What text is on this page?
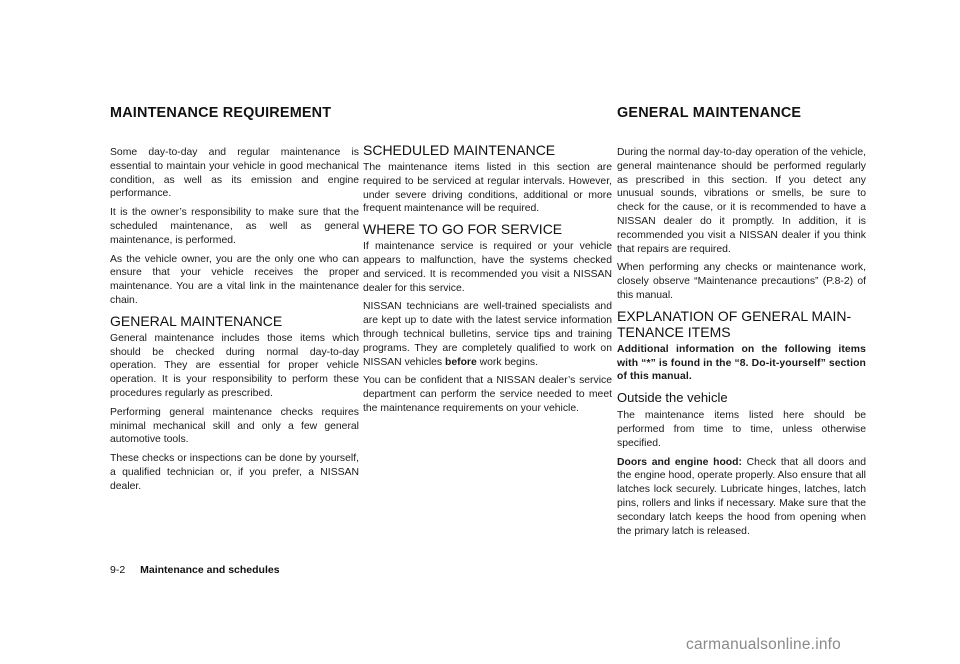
MAINTENANCE REQUIREMENT

Some day-to-day and regular maintenance is essential to maintain your vehicle in good mechanical condition, as well as its emission and engine performance.

It is the owner’s responsibility to make sure that the scheduled maintenance, as well as general maintenance, is performed.

As the vehicle owner, you are the only one who can ensure that your vehicle receives the proper maintenance. You are a vital link in the maintenance chain.

GENERAL MAINTENANCE

General maintenance includes those items which should be checked during normal day-to-day operation. They are essential for proper vehicle operation. It is your responsibility to perform these procedures regularly as prescribed.

Performing general maintenance checks requires minimal mechanical skill and only a few general automotive tools.

These checks or inspections can be done by yourself, a qualified technician or, if you prefer, a NISSAN dealer.

SCHEDULED MAINTENANCE

The maintenance items listed in this section are required to be serviced at regular intervals. However, under severe driving conditions, additional or more frequent maintenance will be required.

WHERE TO GO FOR SERVICE

If maintenance service is required or your vehicle appears to malfunction, have the systems checked and serviced. It is recommended you visit a NISSAN dealer for this service.

NISSAN technicians are well-trained specialists and are kept up to date with the latest service information through technical bulletins, service tips and training programs. They are completely qualified to work on NISSAN vehicles before work begins.

You can be confident that a NISSAN dealer’s service department can perform the service needed to meet the maintenance requirements on your vehicle.

GENERAL MAINTENANCE

During the normal day-to-day operation of the vehicle, general maintenance should be performed regularly as prescribed in this section. If you detect any unusual sounds, vibrations or smells, be sure to check for the cause, or it is recommended to have a NISSAN dealer do it promptly. In addition, it is recommended you visit a NISSAN dealer if you think that repairs are required.

When performing any checks or maintenance work, closely observe “Maintenance precautions” (P.8-2) of this manual.

EXPLANATION OF GENERAL MAIN-
TENANCE ITEMS
Additional information on the following items with “*” is found in the “8. Do-it-yourself” section of this manual.
Outside the vehicle

The maintenance items listed here should be performed from time to time, unless otherwise specified.

Doors and engine hood: Check that all doors and the engine hood, operate properly. Also ensure that all latches lock securely. Lubricate hinges, latches, latch pins, rollers and links if necessary. Make sure that the secondary latch keeps the hood from opening when the primary latch is released.
9-2 Maintenance and schedules
carmanualsonline.info
